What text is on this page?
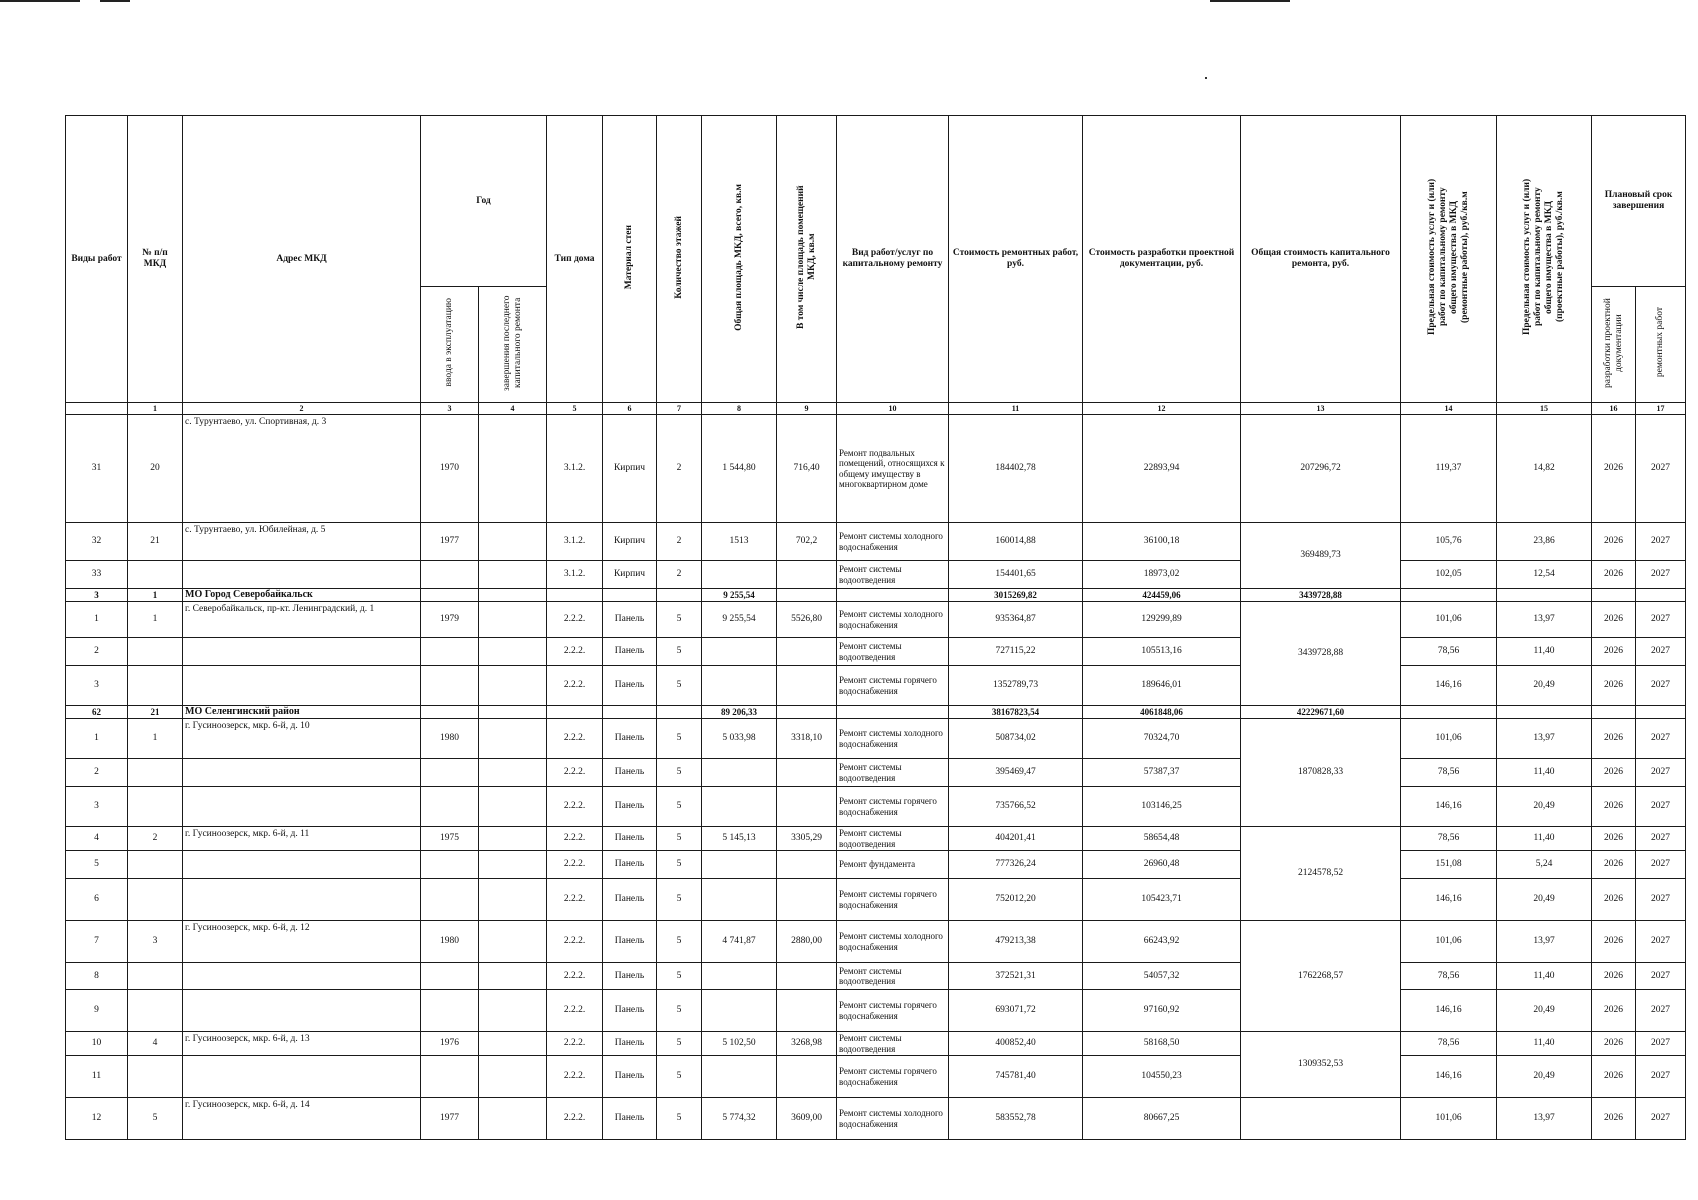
Виды работ	№ п/п МКД	Адрес МКД	Год		Тип дома	Материал стен	Количество этажей	Общая площадь МКД, всего, кв.м	В том числе площадь помещений МКД, кв.м	Вид работ/услуг по капитальному ремонту	Стоимость ремонтных работ, руб.	Стоимость разработки проектной документации, руб.	Общая стоимость капитального ремонта, руб.	Предельная стоимость услуг и (или) работ по капитальному ремонту общего имущества в МКД (ремонтные работы), руб./кв.м	Предельная стоимость услуг и (или) работ по капитальному ремонту общего имущества в МКД (проектные работы), руб./кв.м	Плановый срок завершения	
			ввода в эксплуатацию	завершения последнего капитального ремонта												разработки проектной документации	ремонтных работ
	1	2	3	4	5	6	7	8	9	10	11	12	13	14	15	16	17
31	20	с. Турунтаево, ул. Спортивная, д. 3	1970		3.1.2.	Кирпич	2	1 544,80	716,40	Ремонт подвальных помещений, относящихся к общему имуществу в многоквартирном доме	184402,78	22893,94	207296,72	119,37	14,82	2026	2027
32	21	с. Турунтаево, ул. Юбилейная, д. 5	1977		3.1.2.	Кирпич	2	1513	702,2	Ремонт системы холодного водоснабжения	160014,88	36100,18	369489,73	105,76	23,86	2026	2027
33					3.1.2.	Кирпич	2			Ремонт системы водоотведения	154401,65	18973,02		102,05	12,54	2026	2027
3	1	МО Город Северобайкальск						9 255,54			3015269,82	424459,06	3439728,88				
1	1	г. Северобайкальск, пр-кт. Ленинградский, д. 1	1979		2.2.2.	Панель	5	9 255,54	5526,80	Ремонт системы холодного водоснабжения	935364,87	129299,89	3439728,88	101,06	13,97	2026	2027
2					2.2.2.	Панель	5			Ремонт системы водоотведения	727115,22	105513,16		78,56	11,40	2026	2027
3					2.2.2.	Панель	5			Ремонт системы горячего водоснабжения	1352789,73	189646,01		146,16	20,49	2026	2027
62	21	МО Селенгинский район						89 206,33			38167823,54	4061848,06	42229671,60				
1	1	г. Гусиноозерск, мкр. 6-й, д. 10	1980		2.2.2.	Панель	5	5 033,98	3318,10	Ремонт системы холодного водоснабжения	508734,02	70324,70	1870828,33	101,06	13,97	2026	2027
2					2.2.2.	Панель	5			Ремонт системы водоотведения	395469,47	57387,37		78,56	11,40	2026	2027
3					2.2.2.	Панель	5			Ремонт системы горячего водоснабжения	735766,52	103146,25		146,16	20,49	2026	2027
4	2	г. Гусиноозерск, мкр. 6-й, д. 11	1975		2.2.2.	Панель	5	5 145,13	3305,29	Ремонт системы водоотведения	404201,41	58654,48	2124578,52	78,56	11,40	2026	2027
5					2.2.2.	Панель	5			Ремонт фундамента	777326,24	26960,48		151,08	5,24	2026	2027
6					2.2.2.	Панель	5			Ремонт системы горячего водоснабжения	752012,20	105423,71		146,16	20,49	2026	2027
7	3	г. Гусиноозерск, мкр. 6-й, д. 12	1980		2.2.2.	Панель	5	4 741,87	2880,00	Ремонт системы холодного водоснабжения	479213,38	66243,92	1762268,57	101,06	13,97	2026	2027
8					2.2.2.	Панель	5			Ремонт системы водоотведения	372521,31	54057,32		78,56	11,40	2026	2027
9					2.2.2.	Панель	5			Ремонт системы горячего водоснабжения	693071,72	97160,92		146,16	20,49	2026	2027
10	4	г. Гусиноозерск, мкр. 6-й, д. 13	1976		2.2.2.	Панель	5	5 102,50	3268,98	Ремонт системы водоотведения	400852,40	58168,50	1309352,53	78,56	11,40	2026	2027
11					2.2.2.	Панель	5			Ремонт системы горячего водоснабжения	745781,40	104550,23		146,16	20,49	2026	2027
12	5	г. Гусиноозерск, мкр. 6-й, д. 14	1977		2.2.2.	Панель	5	5 774,32	3609,00	Ремонт системы холодного водоснабжения	583552,78	80667,25		101,06	13,97	2026	2027
